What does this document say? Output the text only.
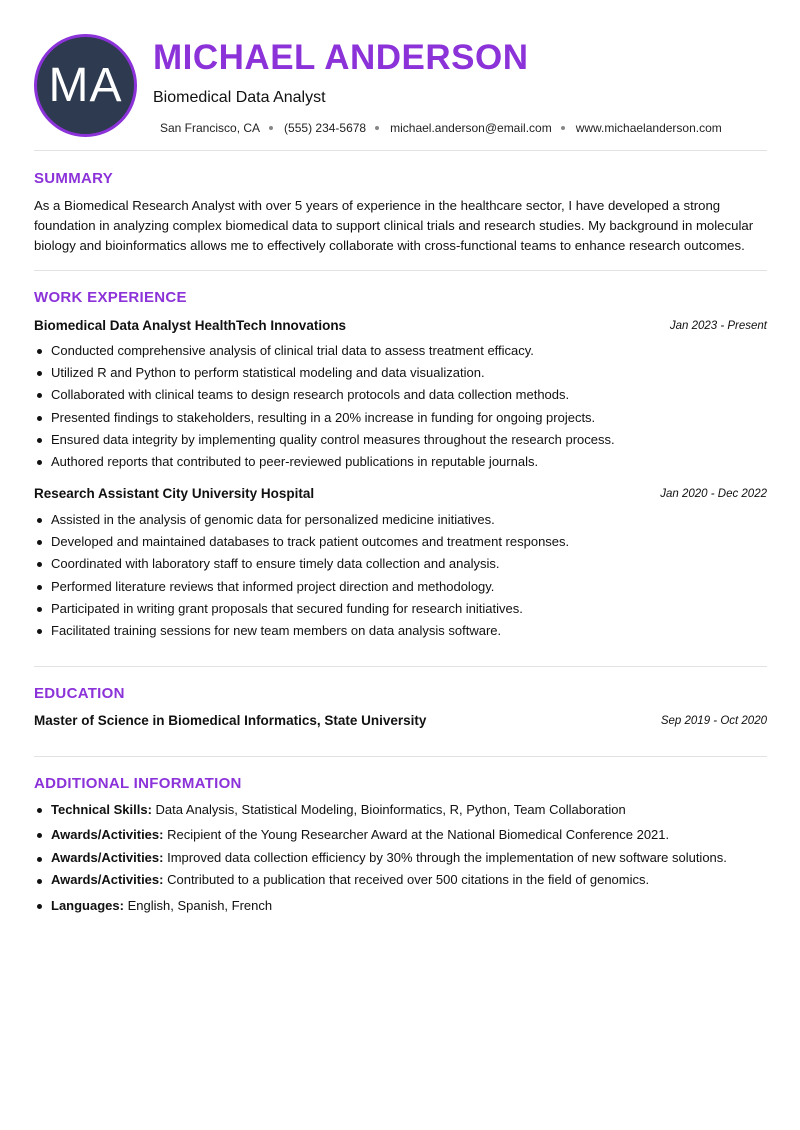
MA
MICHAEL ANDERSON
Biomedical Data Analyst
San Francisco, CA (555) 234-5678 michael.anderson@email.com www.michaelanderson.com
SUMMARY
As a Biomedical Research Analyst with over 5 years of experience in the healthcare sector, I have developed a strong foundation in analyzing complex biomedical data to support clinical trials and research studies. My background in molecular biology and bioinformatics allows me to effectively collaborate with cross-functional teams to enhance research outcomes.
WORK EXPERIENCE
Biomedical Data Analyst HealthTech Innovations	Jan 2023 - Present
Conducted comprehensive analysis of clinical trial data to assess treatment efficacy.
Utilized R and Python to perform statistical modeling and data visualization.
Collaborated with clinical teams to design research protocols and data collection methods.
Presented findings to stakeholders, resulting in a 20% increase in funding for ongoing projects.
Ensured data integrity by implementing quality control measures throughout the research process.
Authored reports that contributed to peer-reviewed publications in reputable journals.
Research Assistant City University Hospital	Jan 2020 - Dec 2022
Assisted in the analysis of genomic data for personalized medicine initiatives.
Developed and maintained databases to track patient outcomes and treatment responses.
Coordinated with laboratory staff to ensure timely data collection and analysis.
Performed literature reviews that informed project direction and methodology.
Participated in writing grant proposals that secured funding for research initiatives.
Facilitated training sessions for new team members on data analysis software.
EDUCATION
Master of Science in Biomedical Informatics, State University	Sep 2019 - Oct 2020
ADDITIONAL INFORMATION
Technical Skills: Data Analysis, Statistical Modeling, Bioinformatics, R, Python, Team Collaboration
Awards/Activities: Recipient of the Young Researcher Award at the National Biomedical Conference 2021.
Awards/Activities: Improved data collection efficiency by 30% through the implementation of new software solutions.
Awards/Activities: Contributed to a publication that received over 500 citations in the field of genomics.
Languages: English, Spanish, French
